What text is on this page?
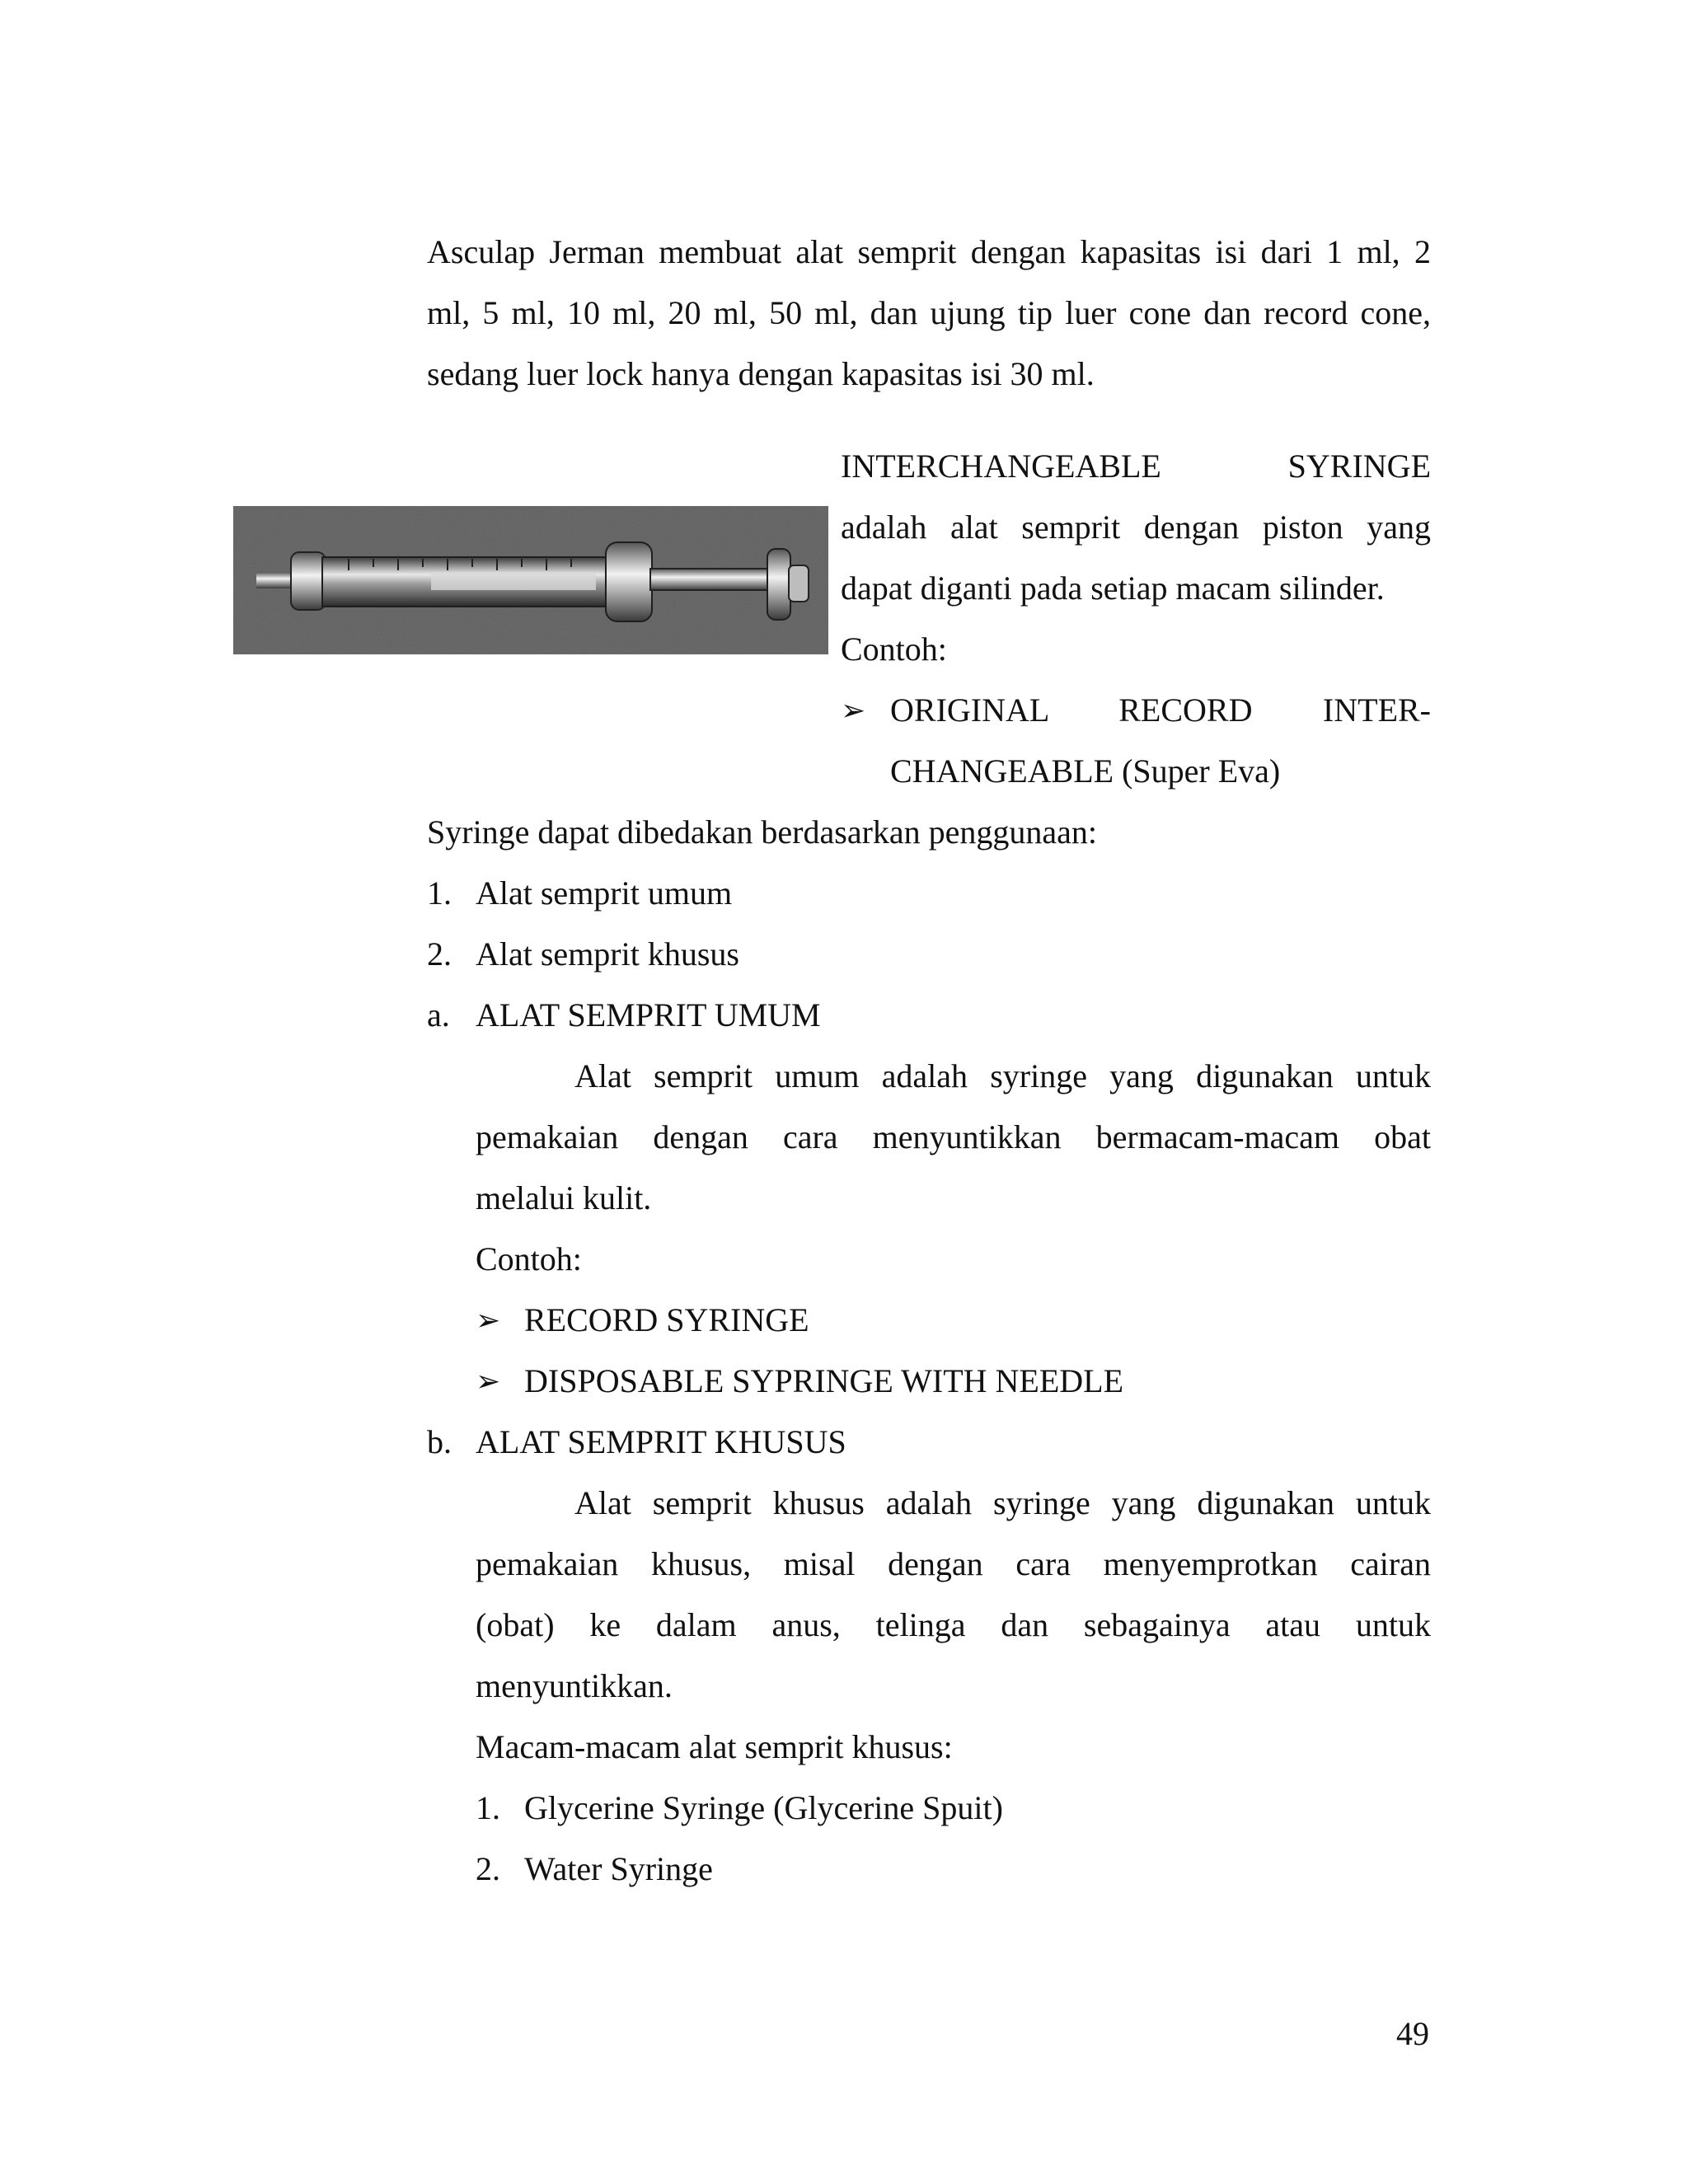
Asculap Jerman membuat alat semprit dengan kapasitas isi dari 1 ml, 2
ml, 5 ml, 10 ml, 20 ml, 50 ml, dan ujung tip luer cone dan record cone,
sedang luer lock hanya dengan kapasitas isi 30 ml.
INTERCHANGEABLE SYRINGE
adalah alat semprit dengan piston yang
dapat diganti pada setiap macam silinder.
Contoh:
➢ ORIGINAL RECORD INTER-
CHANGEABLE (Super Eva)
Syringe dapat dibedakan berdasarkan penggunaan:
1. Alat semprit umum
2. Alat semprit khusus
a. ALAT SEMPRIT UMUM
Alat semprit umum adalah syringe yang digunakan untuk
pemakaian dengan cara menyuntikkan bermacam-macam obat
melalui kulit.
Contoh:
➢ RECORD SYRINGE
➢ DISPOSABLE SYPRINGE WITH NEEDLE
b. ALAT SEMPRIT KHUSUS
Alat semprit khusus adalah syringe yang digunakan untuk
pemakaian khusus, misal dengan cara menyemprotkan cairan
(obat) ke dalam anus, telinga dan sebagainya atau untuk
menyuntikkan.
Macam-macam alat semprit khusus:
1. Glycerine Syringe (Glycerine Spuit)
2. Water Syringe
49
